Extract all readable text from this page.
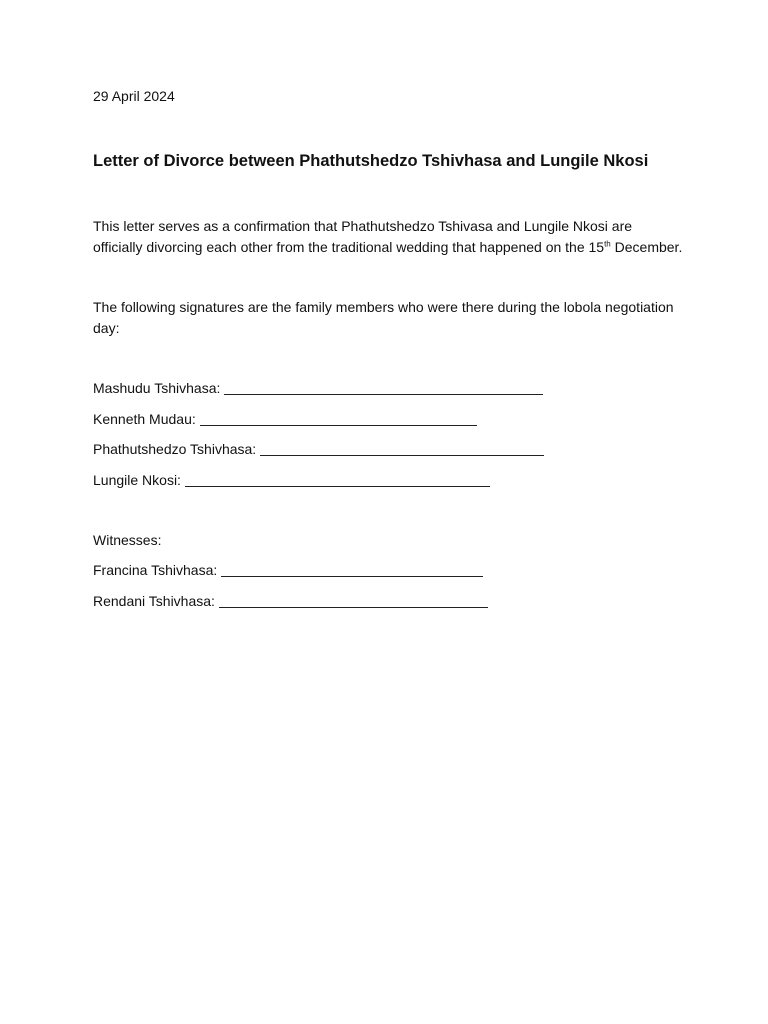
29 April 2024

Letter of Divorce between Phathutshedzo Tshivhasa and Lungile Nkosi

This letter serves as a confirmation that Phathutshedzo Tshivasa and Lungile Nkosi are officially divorcing each other from the traditional wedding that happened on the 15th December.

The following signatures are the family members who were there during the lobola negotiation day:

Mashudu Tshivhasa:
Kenneth Mudau:
Phathutshedzo Tshivhasa:
Lungile Nkosi:

Witnesses:

Francina Tshivhasa:
Rendani Tshivhasa:
